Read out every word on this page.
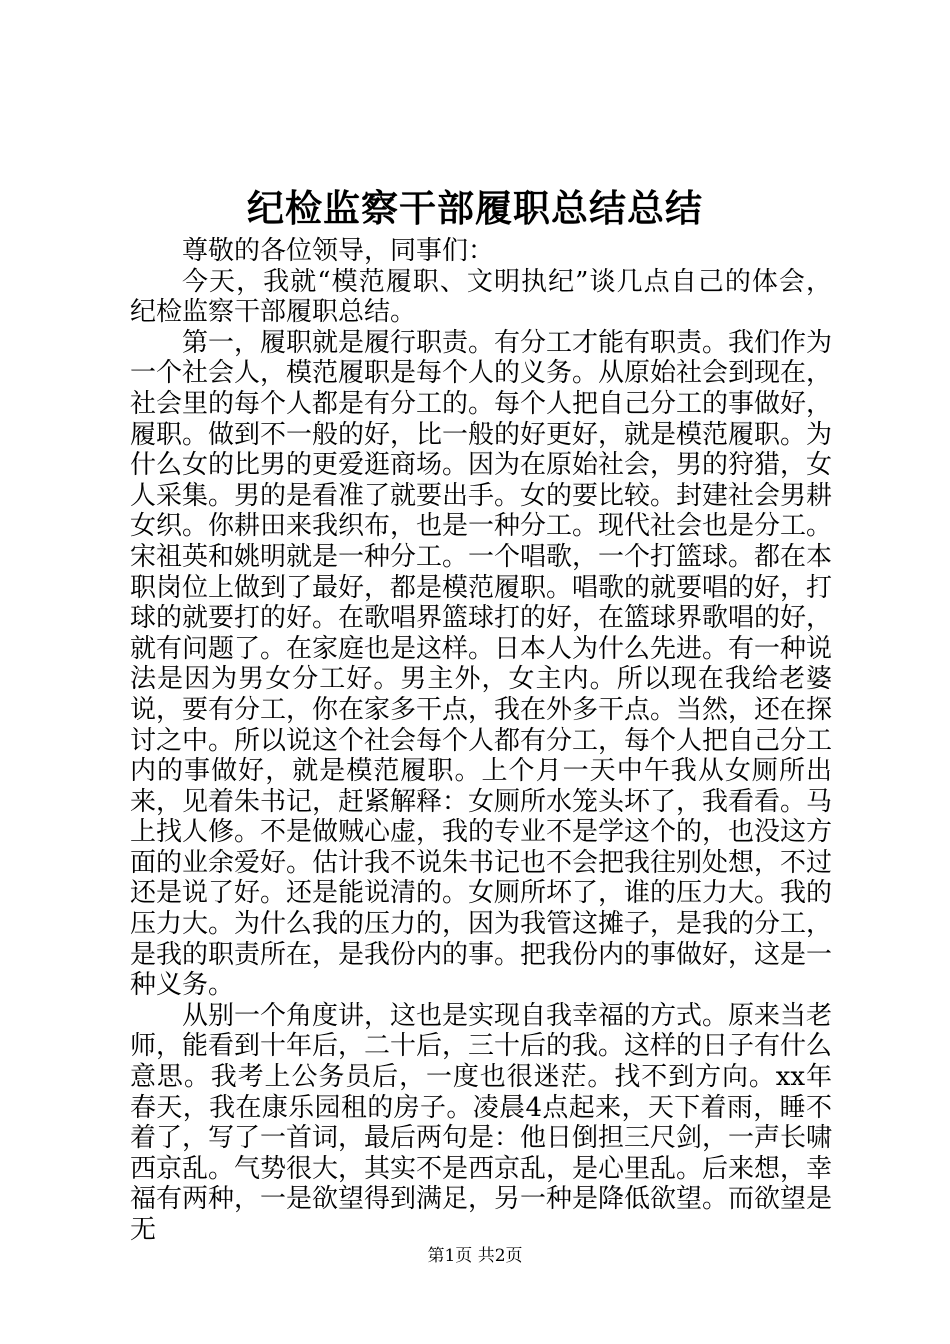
纪检监察干部履职总结总结

尊敬的各位领导，同事们：

今天，我就“模范履职、文明执纪”谈几点自己的体会，纪检监察干部履职总结。

第一，履职就是履行职责。有分工才能有职责。我们作为一个社会人，模范履职是每个人的义务。从原始社会到现在，社会里的每个人都是有分工的。每个人把自己分工的事做好，履职。做到不一般的好，比一般的好更好，就是模范履职。为什么女的比男的更爱逛商场。因为在原始社会，男的狩猎，女人采集。男的是看准了就要出手。女的要比较。封建社会男耕女织。你耕田来我织布，也是一种分工。现代社会也是分工。宋祖英和姚明就是一种分工。一个唱歌，一个打篮球。都在本职岗位上做到了最好，都是模范履职。唱歌的就要唱的好，打球的就要打的好。在歌唱界篮球打的好，在篮球界歌唱的好，就有问题了。在家庭也是这样。日本人为什么先进。有一种说法是因为男女分工好。男主外，女主内。所以现在我给老婆说，要有分工，你在家多干点，我在外多干点。当然，还在探讨之中。所以说这个社会每个人都有分工，每个人把自己分工内的事做好，就是模范履职。上个月一天中午我从女厕所出来，见着朱书记，赶紧解释：女厕所水笼头坏了，我看看。马上找人修。不是做贼心虚，我的专业不是学这个的，也没这方面的业余爱好。估计我不说朱书记也不会把我往别处想，不过还是说了好。还是能说清的。女厕所坏了，谁的压力大。我的压力大。为什么我的压力的，因为我管这摊子，是我的分工，是我的职责所在，是我份内的事。把我份内的事做好，这是一种义务。

从别一个角度讲，这也是实现自我幸福的方式。原来当老师，能看到十年后，二十后，三十后的我。这样的日子有什么意思。我考上公务员后，一度也很迷茫。找不到方向。xx年春天，我在康乐园租的房子。凌晨4点起来，天下着雨，睡不着了，写了一首词，最后两句是：他日倒担三尺剑，一声长啸西京乱。气势很大，其实不是西京乱，是心里乱。后来想，幸福有两种，一是欲望得到满足，另一种是降低欲望。而欲望是无

第1页 共2页
